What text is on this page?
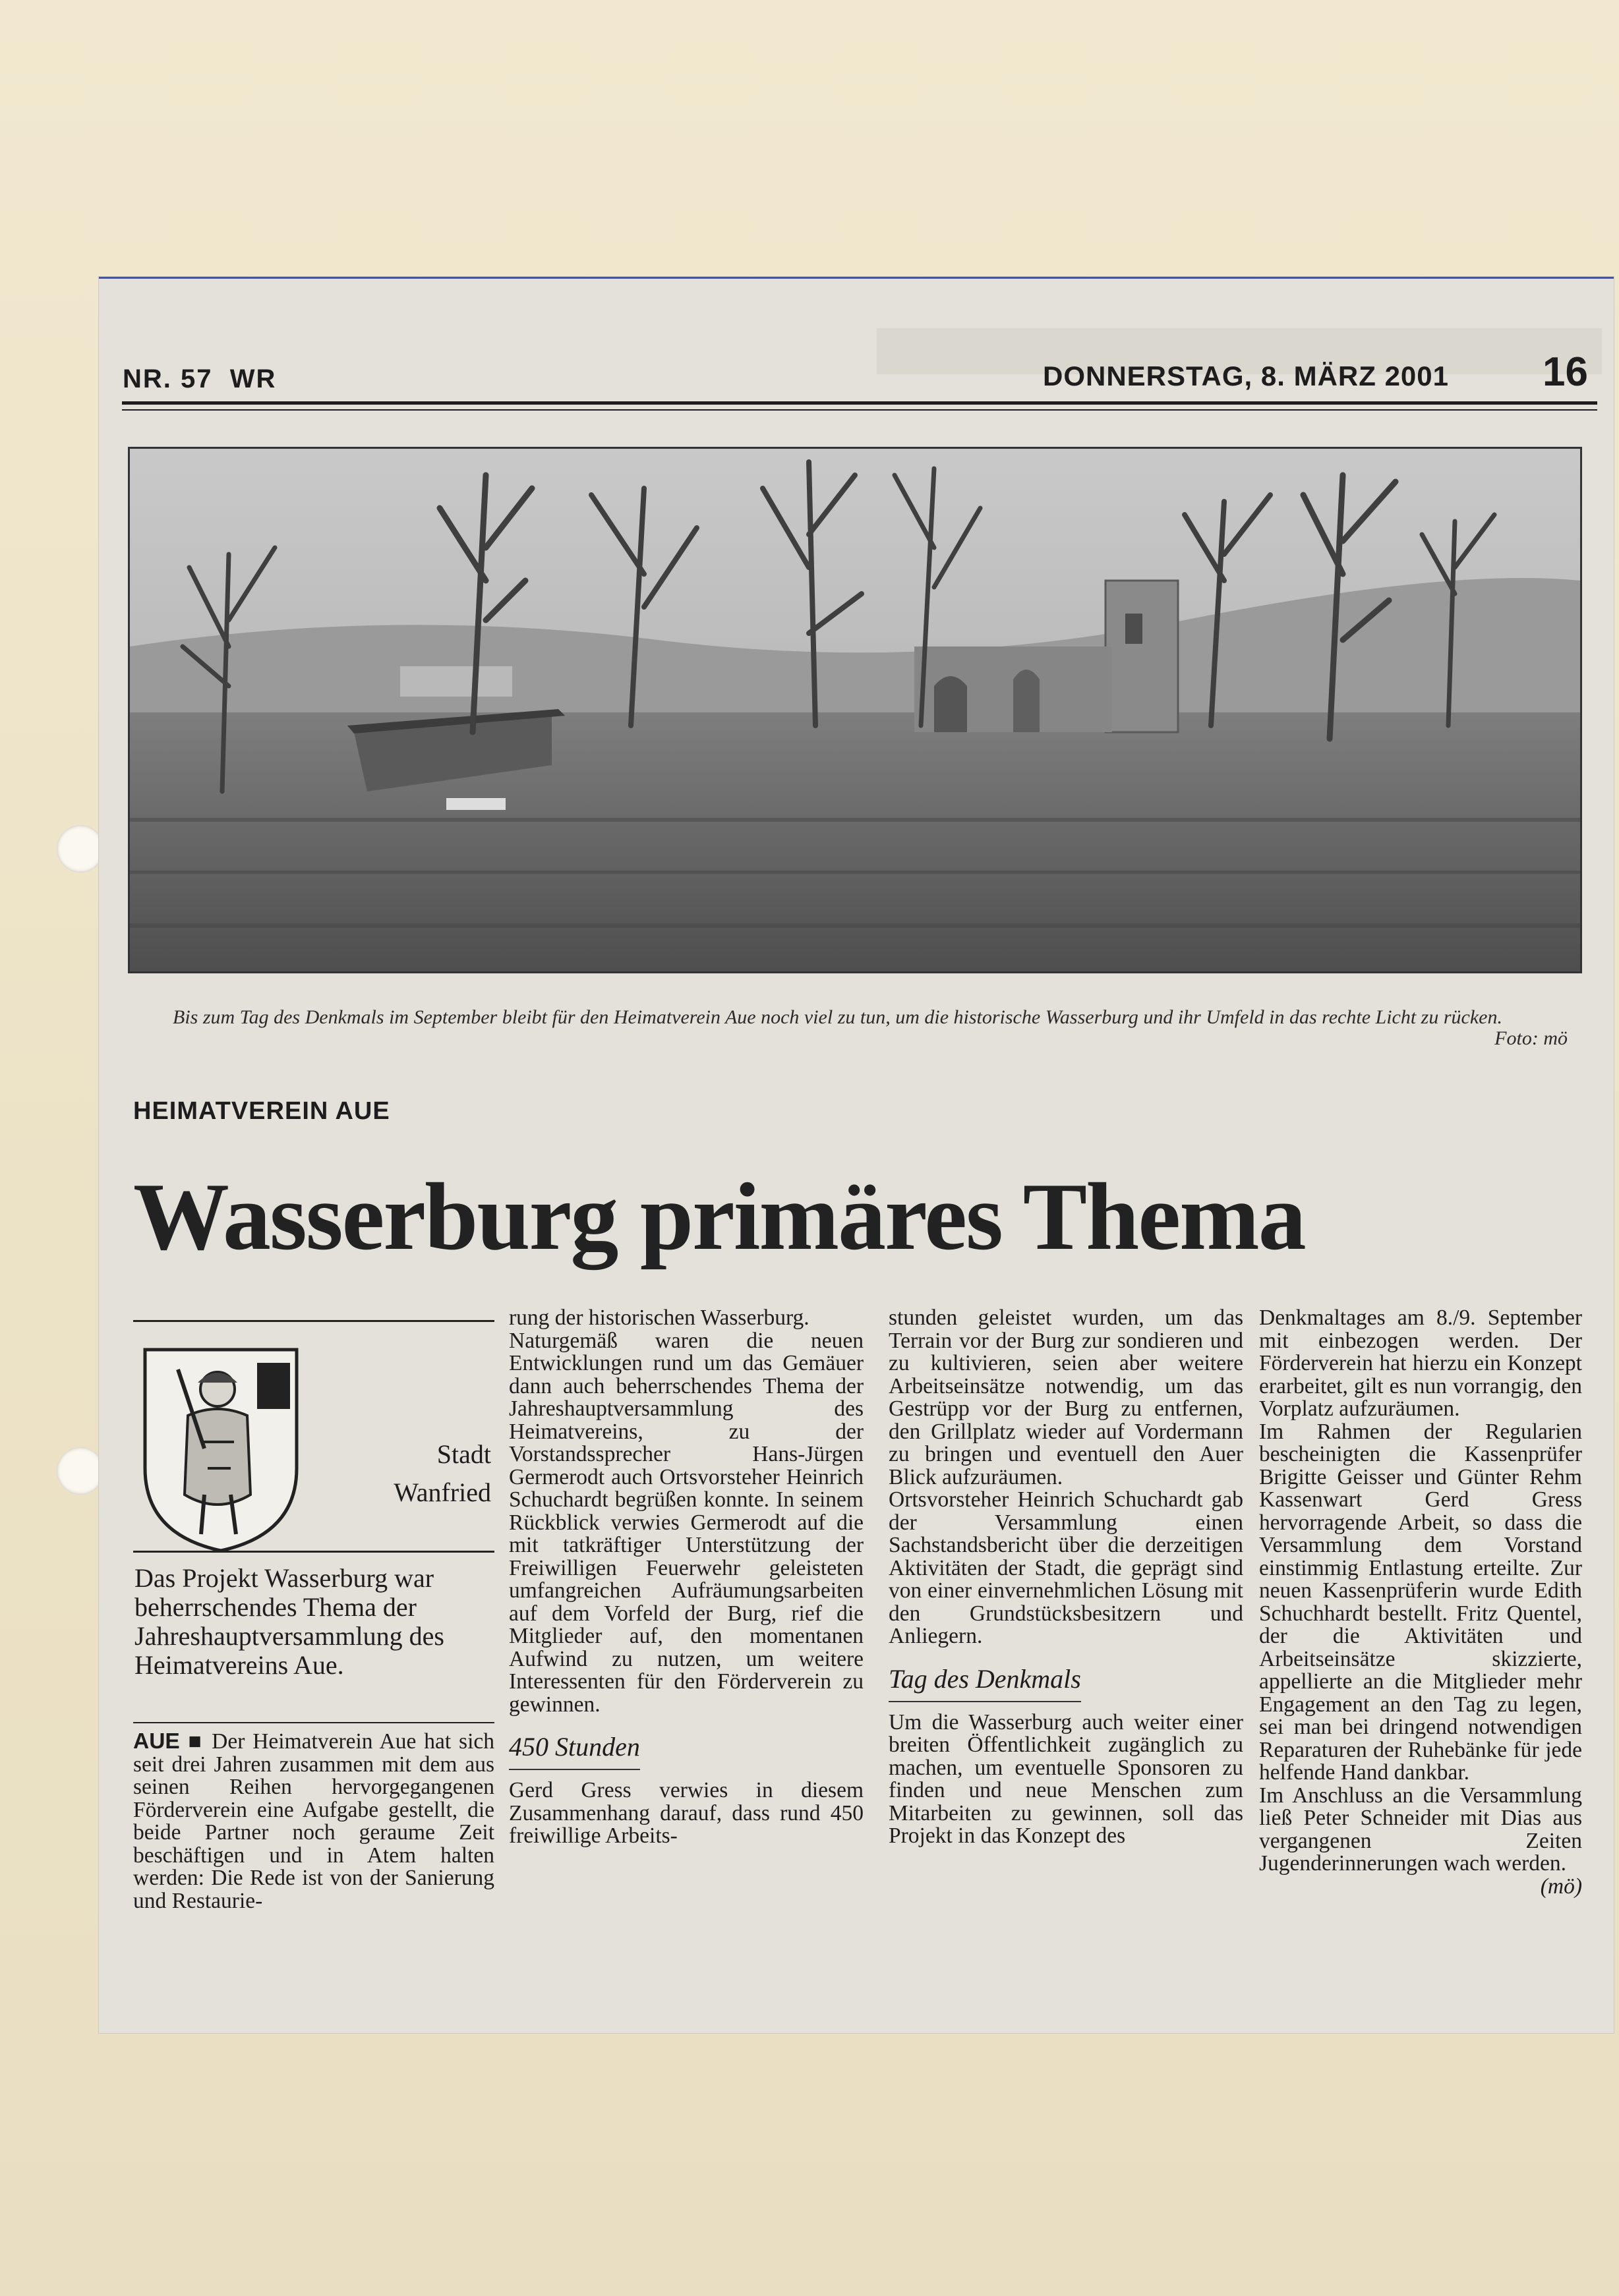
NR. 57  WR	DONNERSTAG, 8. MÄRZ 2001 16
Bis zum Tag des Denkmals im September bleibt für den Heimatverein Aue noch viel zu tun, um die historische Wasserburg und ihr Umfeld in das rechte Licht zu rücken.
Foto: mö
HEIMATVEREIN AUE
Wasserburg primäres Thema
Stadt
Wanfried
Das Projekt Wasserburg war beherrschendes Thema der Jahreshauptversammlung des Heimatvereins Aue.

AUE ■ Der Heimatverein Aue hat sich seit drei Jahren zusammen mit dem aus seinen Reihen hervorgegangenen Förderverein eine Aufgabe gestellt, die beide Partner noch geraume Zeit beschäftigen und in Atem halten werden: Die Rede ist von der Sanierung und Restaurie-

rung der historischen Wasserburg.

Naturgemäß waren die neuen Entwicklungen rund um das Gemäuer dann auch beherrschendes Thema der Jahreshauptversammlung des Heimatvereins, zu der Vorstandssprecher Hans-Jürgen Germerodt auch Ortsvorsteher Heinrich Schuchardt begrüßen konnte. In seinem Rückblick verwies Germerodt auf die mit tatkräftiger Unterstützung der Freiwilligen Feuerwehr geleisteten umfangreichen Aufräumungsarbeiten auf dem Vorfeld der Burg, rief die Mitglieder auf, den momentanen Aufwind zu nutzen, um weitere Interessenten für den Förderverein zu gewinnen.

450 Stunden

Gerd Gress verwies in diesem Zusammenhang darauf, dass rund 450 freiwillige Arbeits-

stunden geleistet wurden, um das Terrain vor der Burg zur sondieren und zu kultivieren, seien aber weitere Arbeitseinsätze notwendig, um das Gestrüpp vor der Burg zu entfernen, den Grillplatz wieder auf Vordermann zu bringen und eventuell den Auer Blick aufzuräumen.

Ortsvorsteher Heinrich Schuchardt gab der Versammlung einen Sachstandsbericht über die derzeitigen Aktivitäten der Stadt, die geprägt sind von einer einvernehmlichen Lösung mit den Grundstücksbesitzern und Anliegern.

Tag des Denkmals

Um die Wasserburg auch weiter einer breiten Öffentlichkeit zugänglich zu machen, um eventuelle Sponsoren zu finden und neue Menschen zum Mitarbeiten zu gewinnen, soll das Projekt in das Konzept des

Denkmaltages am 8./9. September mit einbezogen werden. Der Förderverein hat hierzu ein Konzept erarbeitet, gilt es nun vorrangig, den Vorplatz aufzuräumen.

Im Rahmen der Regularien bescheinigten die Kassenprüfer Brigitte Geisser und Günter Rehm Kassenwart Gerd Gress hervorragende Arbeit, so dass die Versammlung dem Vorstand einstimmig Entlastung erteilte. Zur neuen Kassenprüferin wurde Edith Schuchhardt bestellt. Fritz Quentel, der die Aktivitäten und Arbeitseinsätze skizzierte, appellierte an die Mitglieder mehr Engagement an den Tag zu legen, sei man bei dringend notwendigen Reparaturen der Ruhebänke für jede helfende Hand dankbar.

Im Anschluss an die Versammlung ließ Peter Schneider mit Dias aus vergangenen Zeiten Jugenderinnerungen wach werden.

(mö)
